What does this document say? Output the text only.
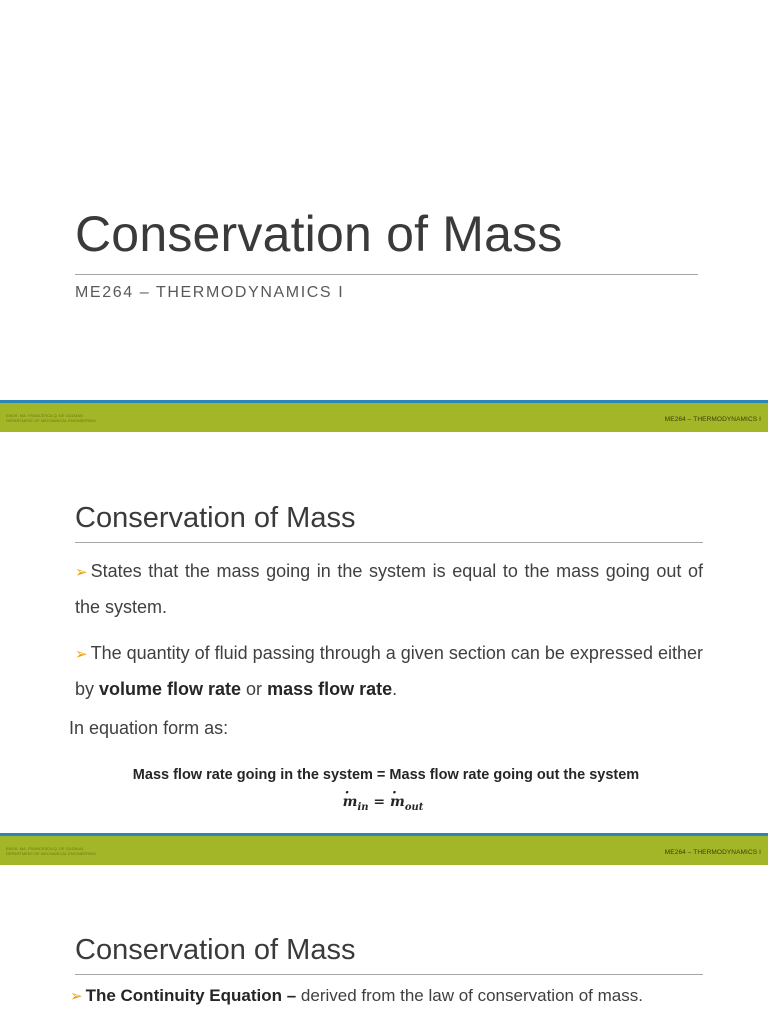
Conservation of Mass
ME264 – THERMODYNAMICS I
ENGR. MA. FRANCESCA Q. DE GUZMAN
DEPARTMENT OF MECHANICAL ENGINEERING	ME264 – THERMODYNAMICS I
Conservation of Mass

➢ States that the mass going in the system is equal to the mass going out of the system.

➢ The quantity of fluid passing through a given section can be expressed either by volume flow rate or mass flow rate.

In equation form as:

Mass flow rate going in the system = Mass flow rate going out the system

· $m_{in}$ = · $m_{out}$
ENGR. MA. FRANCESCA Q. DE GUZMAN
DEPARTMENT OF MECHANICAL ENGINEERING	ME264 – THERMODYNAMICS I
Conservation of Mass

➢ The Continuity Equation – derived from the law of conservation of mass.
